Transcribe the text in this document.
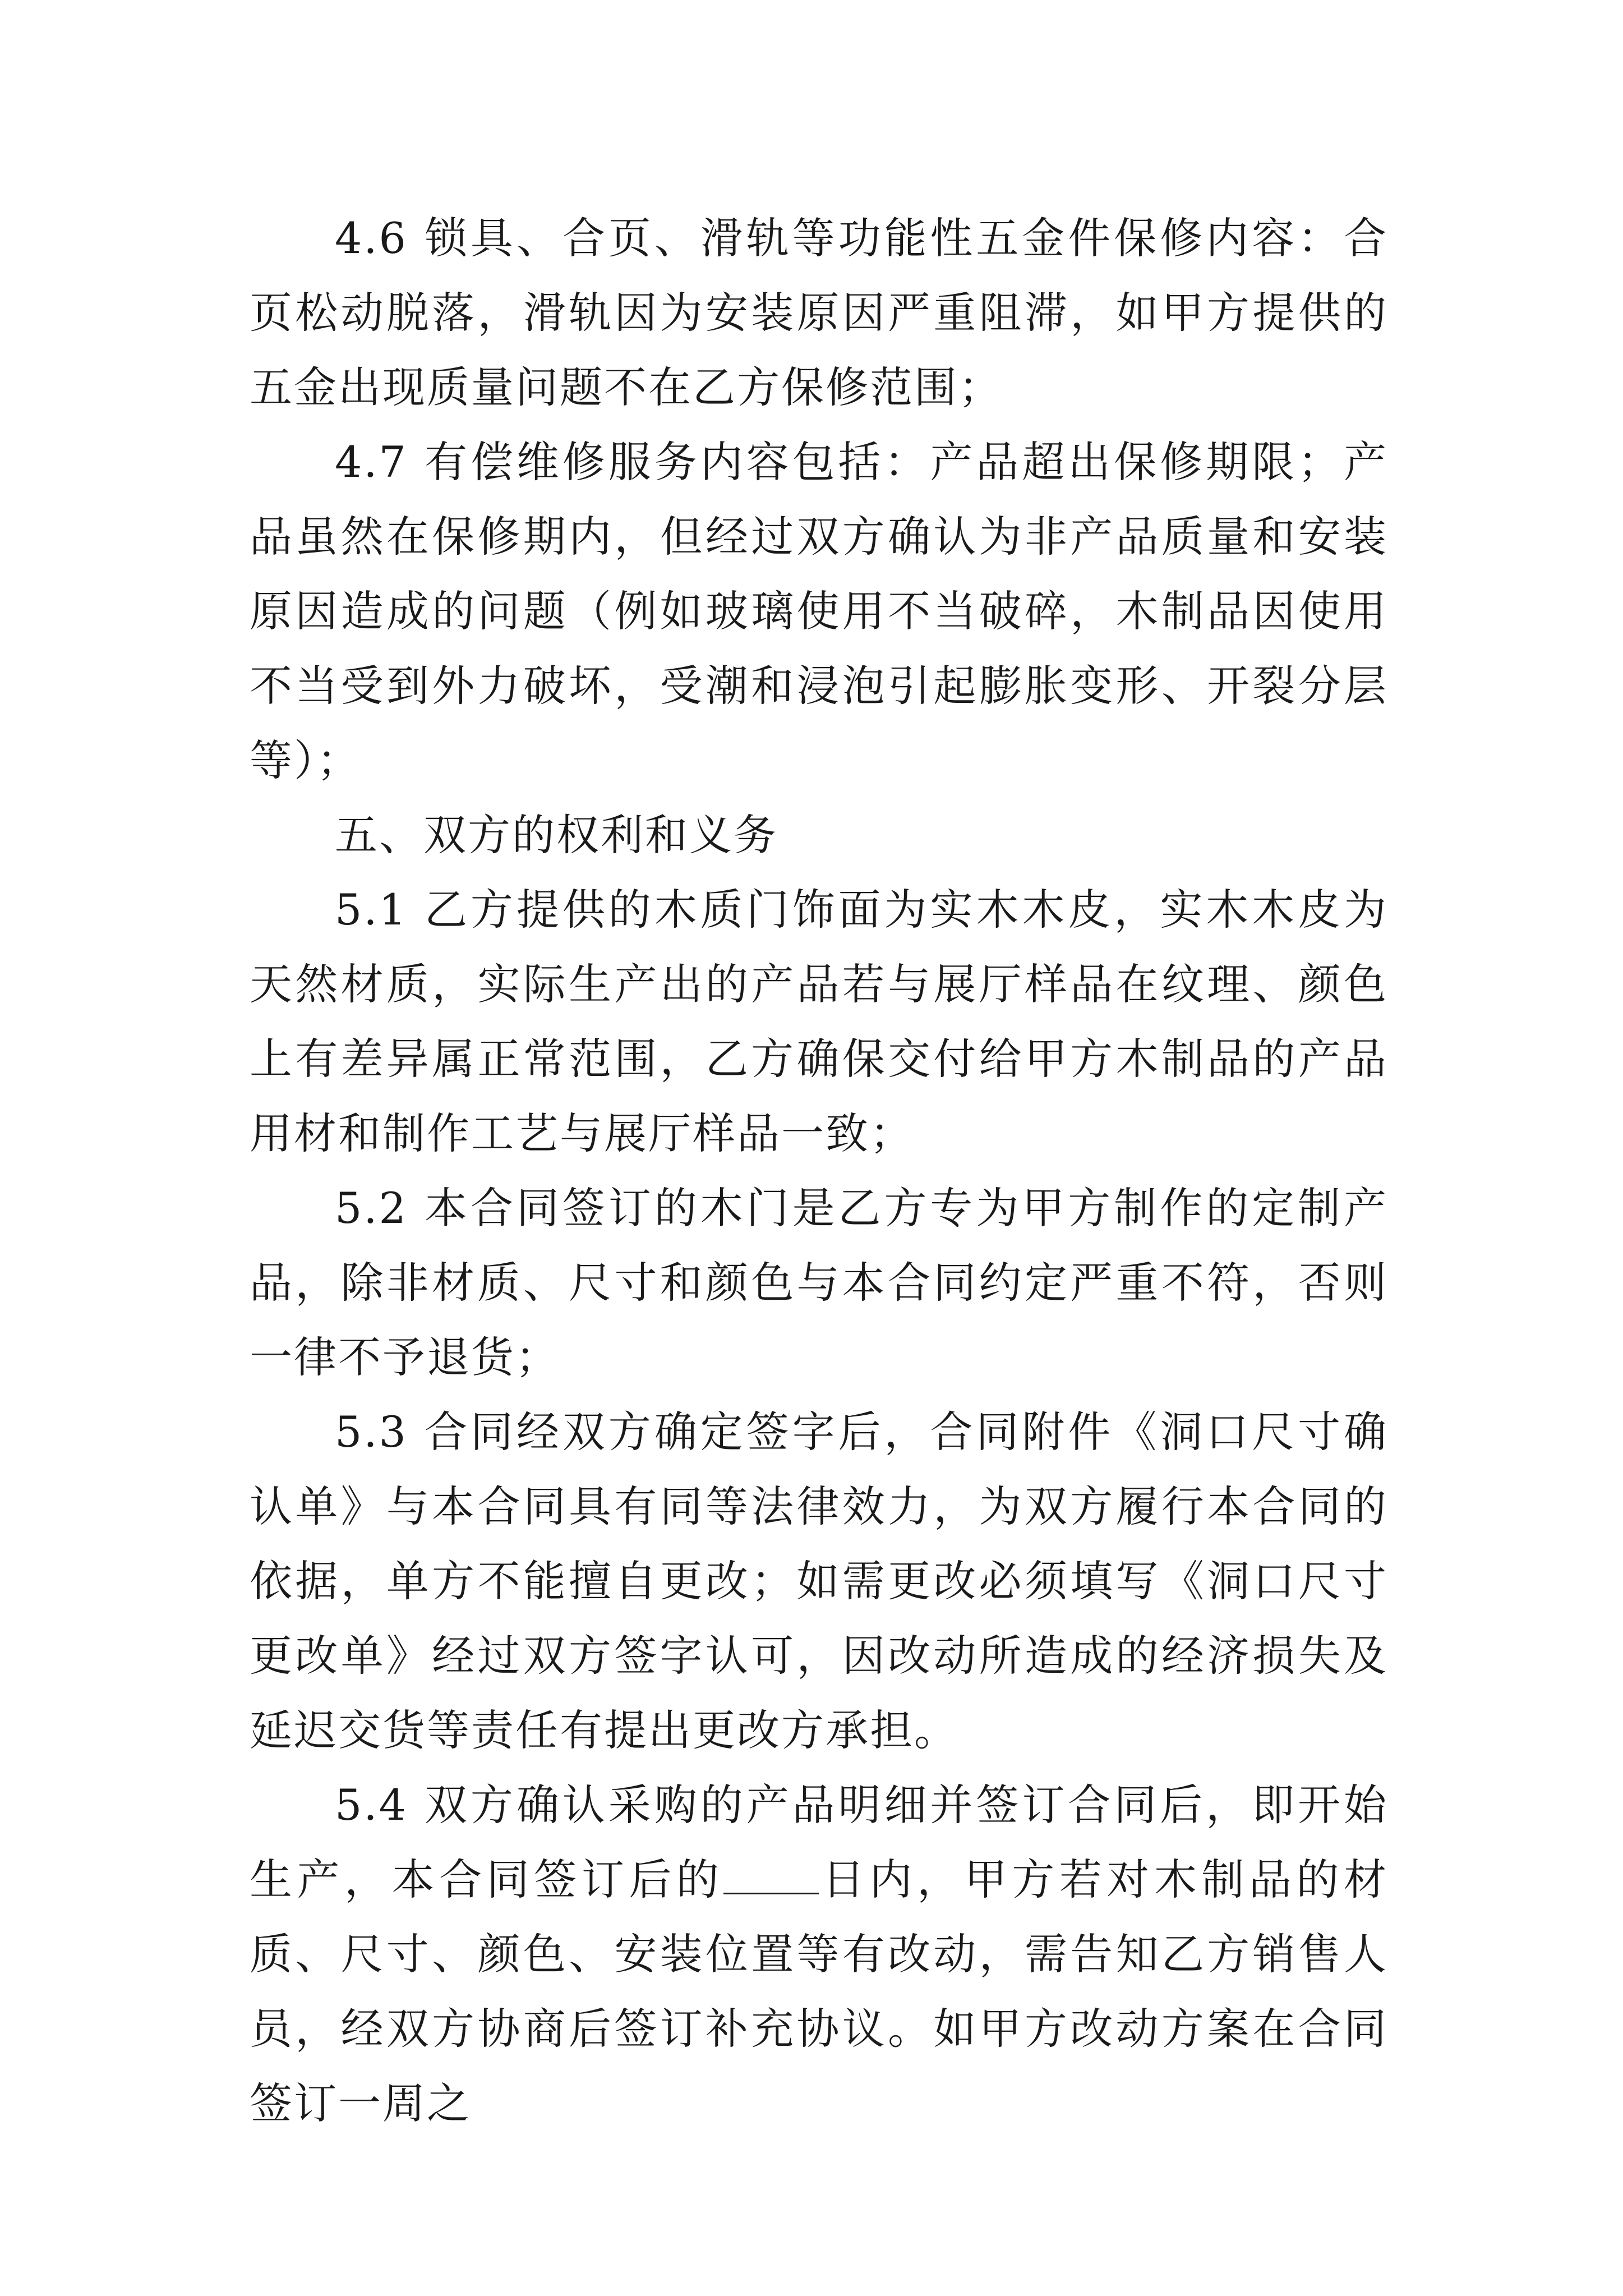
4.6 锁具、合页、滑轨等功能性五金件保修内容：合页松动脱落，滑轨因为安装原因严重阻滞，如甲方提供的五金出现质量问题不在乙方保修范围；

4.7 有偿维修服务内容包括：产品超出保修期限；产品虽然在保修期内，但经过双方确认为非产品质量和安装原因造成的问题（例如玻璃使用不当破碎，木制品因使用不当受到外力破坏，受潮和浸泡引起膨胀变形、开裂分层等）；

五、双方的权利和义务

5.1 乙方提供的木质门饰面为实木木皮，实木木皮为天然材质，实际生产出的产品若与展厅样品在纹理、颜色上有差异属正常范围，乙方确保交付给甲方木制品的产品用材和制作工艺与展厅样品一致；

5.2 本合同签订的木门是乙方专为甲方制作的定制产品，除非材质、尺寸和颜色与本合同约定严重不符，否则一律不予退货；

5.3 合同经双方确定签字后，合同附件《洞口尺寸确认单》与本合同具有同等法律效力，为双方履行本合同的依据，单方不能擅自更改；如需更改必须填写《洞口尺寸更改单》经过双方签字认可，因改动所造成的经济损失及延迟交货等责任有提出更改方承担。

5.4 双方确认采购的产品明细并签订合同后，即开始生产，本合同签订后的 日内，甲方若对木制品的材质、尺寸、颜色、安装位置等有改动，需告知乙方销售人员，经双方协商后签订补充协议。如甲方改动方案在合同签订一周之
